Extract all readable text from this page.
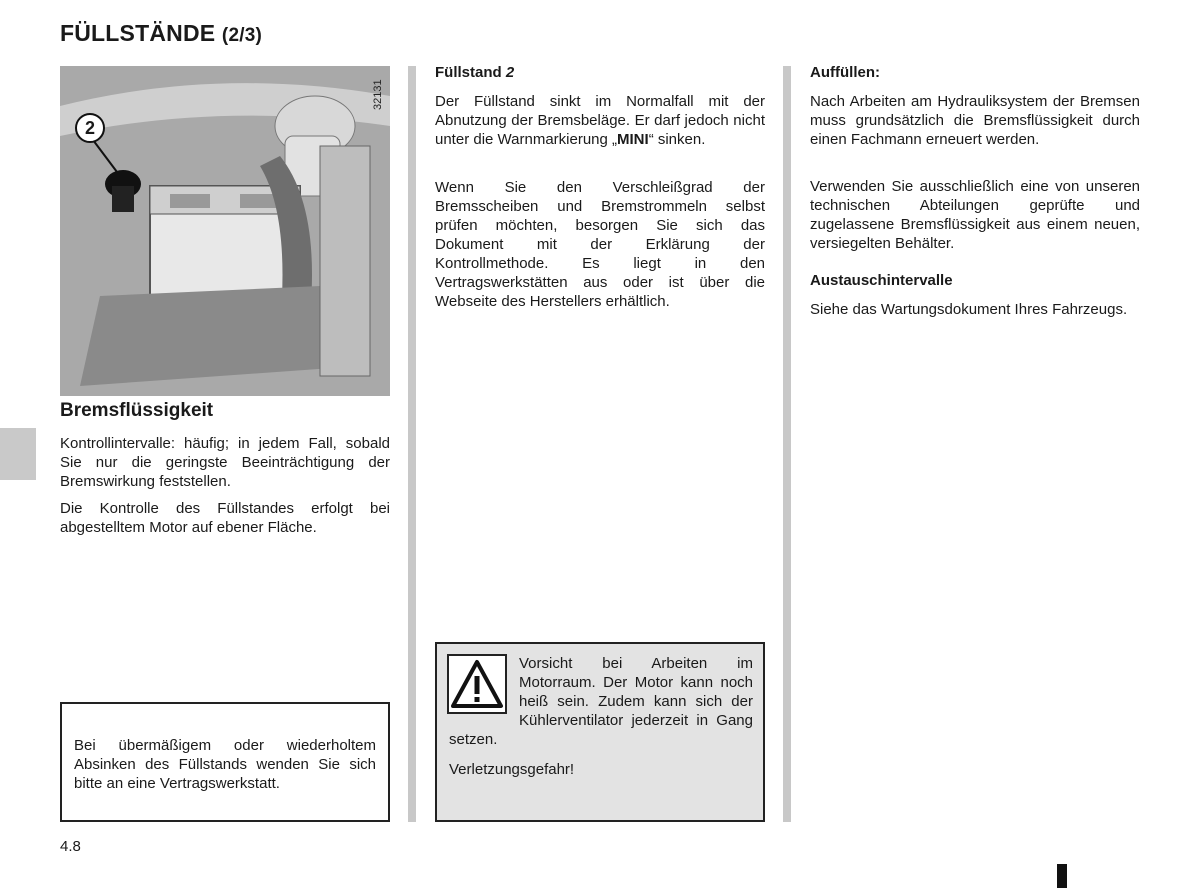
FÜLLSTÄNDE (2/3)
32131
2
Bremsflüssigkeit

Kontrollintervalle: häufig; in jedem Fall, sobald Sie nur die geringste Beeinträchtigung der Bremswirkung feststellen.

Die Kontrolle des Füllstandes erfolgt bei abgestelltem Motor auf ebener Fläche.

Bei übermäßigem oder wiederholtem Absinken des Füllstands wenden Sie sich bitte an eine Vertragswerkstatt.

Füllstand 2

Der Füllstand sinkt im Normalfall mit der Abnutzung der Bremsbeläge. Er darf jedoch nicht unter die Warnmarkierung „MINI“ sinken.

Wenn Sie den Verschleißgrad der Bremsscheiben und Bremstrommeln selbst prüfen möchten, besorgen Sie sich das Dokument mit der Erklärung der Kontrollmethode. Es liegt in den Vertragswerkstätten aus oder ist über die Webseite des Herstellers erhältlich.

Vorsicht bei Arbeiten im Motorraum. Der Motor kann noch heiß sein. Zudem kann sich der Kühlerventilator jederzeit in Gang setzen.

Verletzungsgefahr!

Auffüllen:

Nach Arbeiten am Hydrauliksystem der Bremsen muss grundsätzlich die Bremsflüssigkeit durch einen Fachmann erneuert werden.

Verwenden Sie ausschließlich eine von unseren technischen Abteilungen geprüfte und zugelassene Bremsflüssigkeit aus einem neuen, versiegelten Behälter.

Austauschintervalle

Siehe das Wartungsdokument Ihres Fahrzeugs.

4.8
